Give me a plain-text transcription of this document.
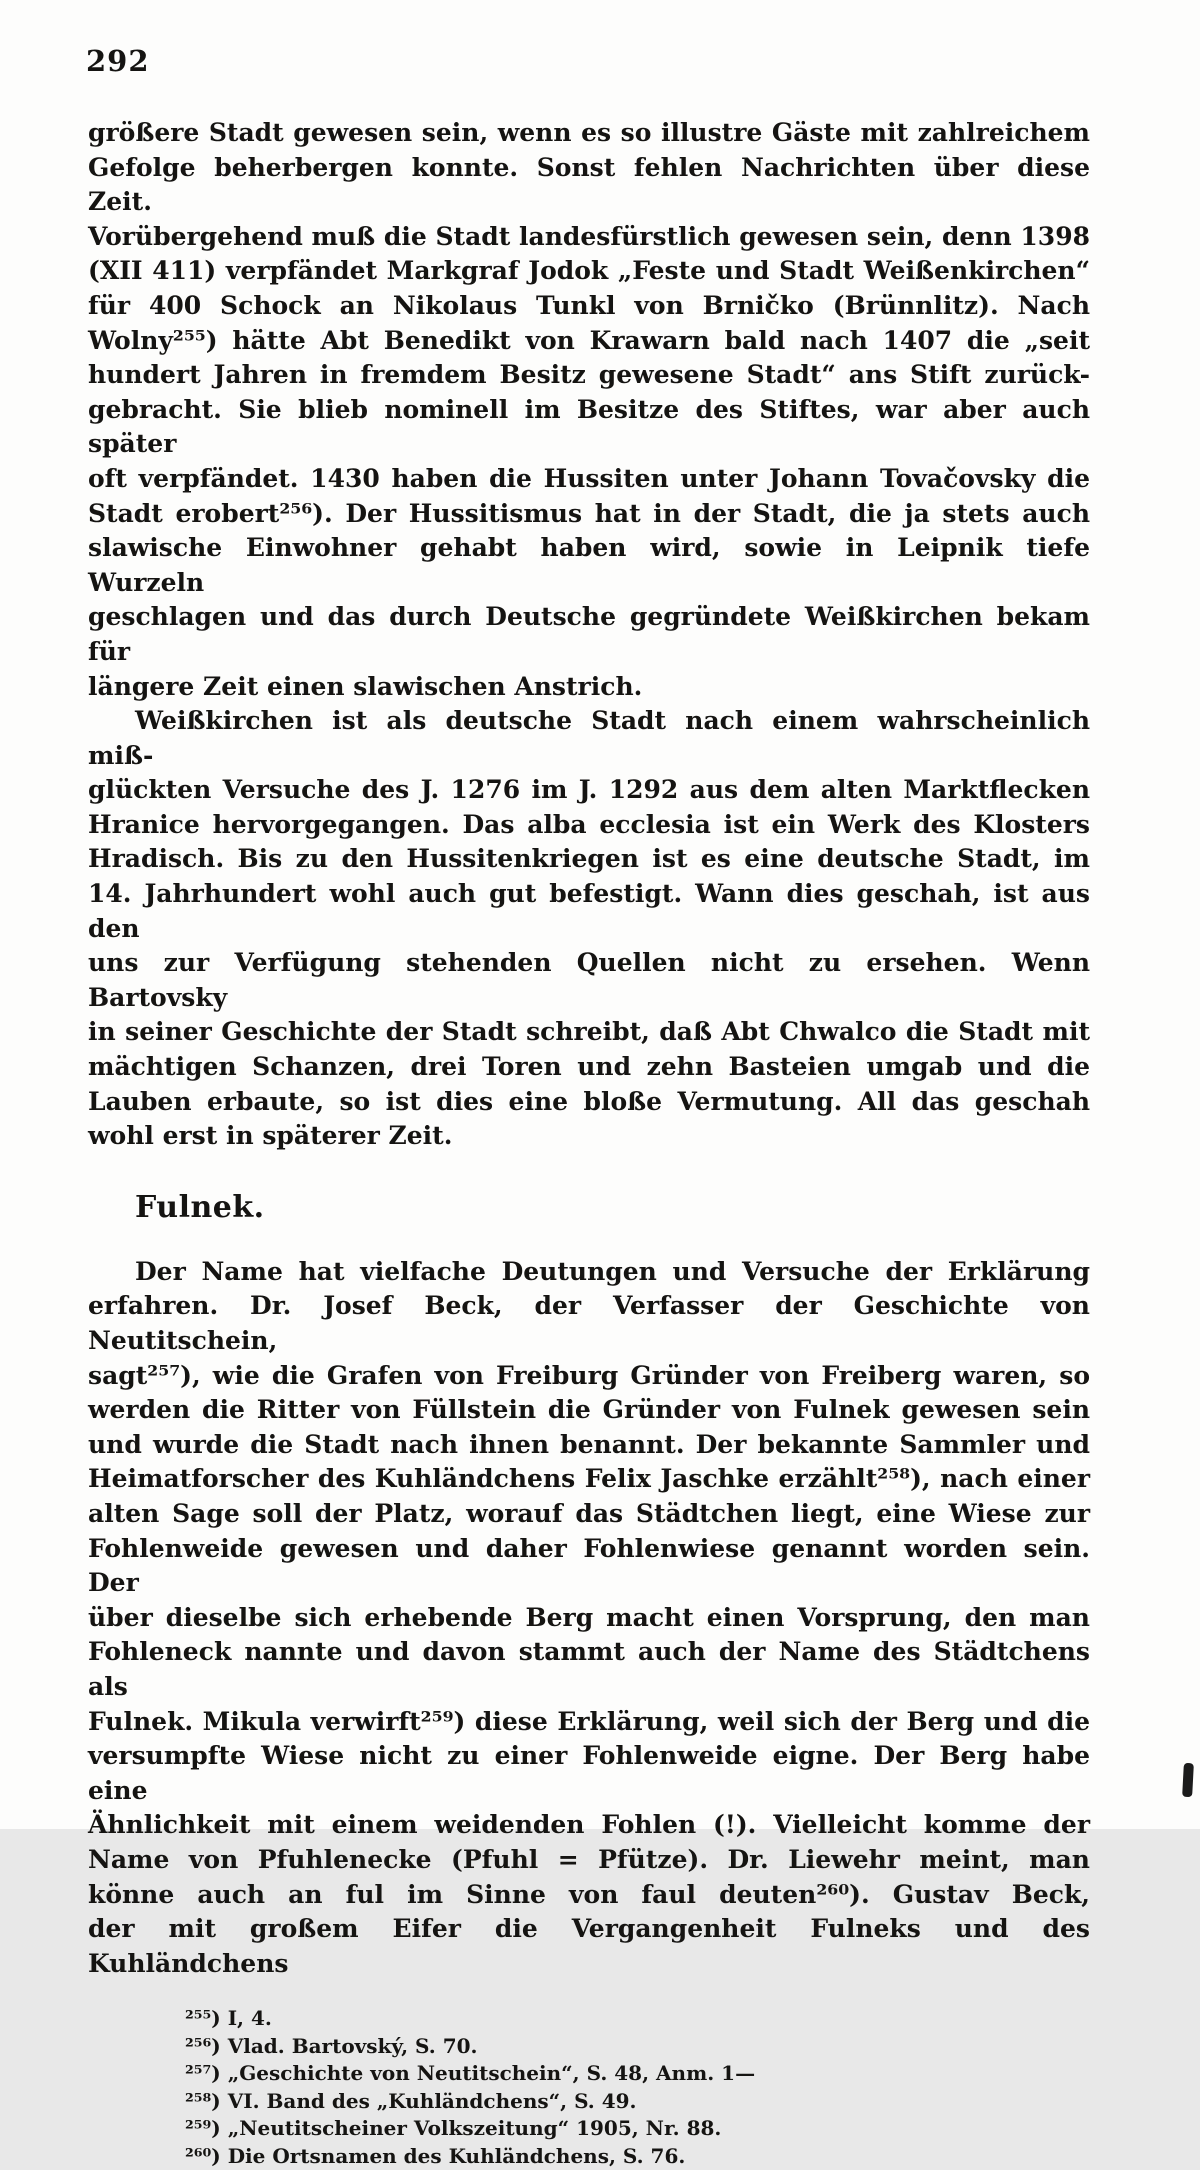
292
größere Stadt gewesen sein, wenn es so illustre Gäste mit zahlreichem
Gefolge beherbergen konnte. Sonst fehlen Nachrichten über diese Zeit.
Vorübergehend muß die Stadt landesfürstlich gewesen sein, denn 1398
(XII 411) verpfändet Markgraf Jodok „Feste und Stadt Weißenkirchen“
für 400 Schock an Nikolaus Tunkl von Brničko (Brünnlitz). Nach
Wolny²⁵⁵) hätte Abt Benedikt von Krawarn bald nach 1407 die „seit
hundert Jahren in fremdem Besitz gewesene Stadt“ ans Stift zurück-
gebracht. Sie blieb nominell im Besitze des Stiftes, war aber auch später
oft verpfändet. 1430 haben die Hussiten unter Johann Tovačovsky die
Stadt erobert²⁵⁶). Der Hussitismus hat in der Stadt, die ja stets auch
slawische Einwohner gehabt haben wird, sowie in Leipnik tiefe Wurzeln
geschlagen und das durch Deutsche gegründete Weißkirchen bekam für
längere Zeit einen slawischen Anstrich.
Weißkirchen ist als deutsche Stadt nach einem wahrscheinlich miß-
glückten Versuche des J. 1276 im J. 1292 aus dem alten Marktflecken
Hranice hervorgegangen. Das alba ecclesia ist ein Werk des Klosters
Hradisch. Bis zu den Hussitenkriegen ist es eine deutsche Stadt, im
14. Jahrhundert wohl auch gut befestigt. Wann dies geschah, ist aus den
uns zur Verfügung stehenden Quellen nicht zu ersehen. Wenn Bartovsky
in seiner Geschichte der Stadt schreibt, daß Abt Chwalco die Stadt mit
mächtigen Schanzen, drei Toren und zehn Basteien umgab und die
Lauben erbaute, so ist dies eine bloße Vermutung. All das geschah
wohl erst in späterer Zeit.
Fulnek.
Der Name hat vielfache Deutungen und Versuche der Erklärung
erfahren. Dr. Josef Beck, der Verfasser der Geschichte von Neutitschein,
sagt²⁵⁷), wie die Grafen von Freiburg Gründer von Freiberg waren, so
werden die Ritter von Füllstein die Gründer von Fulnek gewesen sein
und wurde die Stadt nach ihnen benannt. Der bekannte Sammler und
Heimatforscher des Kuhländchens Felix Jaschke erzählt²⁵⁸), nach einer
alten Sage soll der Platz, worauf das Städtchen liegt, eine Wiese zur
Fohlenweide gewesen und daher Fohlenwiese genannt worden sein. Der
über dieselbe sich erhebende Berg macht einen Vorsprung, den man
Fohleneck nannte und davon stammt auch der Name des Städtchens als
Fulnek. Mikula verwirft²⁵⁹) diese Erklärung, weil sich der Berg und die
versumpfte Wiese nicht zu einer Fohlenweide eigne. Der Berg habe eine
Ähnlichkeit mit einem weidenden Fohlen (!). Vielleicht komme der
Name von Pfuhlenecke (Pfuhl = Pfütze). Dr. Liewehr meint, man
könne auch an ful im Sinne von faul deuten²⁶⁰). Gustav Beck,
der mit großem Eifer die Vergangenheit Fulneks und des Kuhländchens
²⁵⁵) I, 4.
²⁵⁶) Vlad. Bartovský, S. 70.
²⁵⁷) „Geschichte von Neutitschein“, S. 48, Anm. 1—
²⁵⁸) VI. Band des „Kuhländchens“, S. 49.
²⁵⁹) „Neutitscheiner Volkszeitung“ 1905, Nr. 88.
²⁶⁰) Die Ortsnamen des Kuhländchens, S. 76.
